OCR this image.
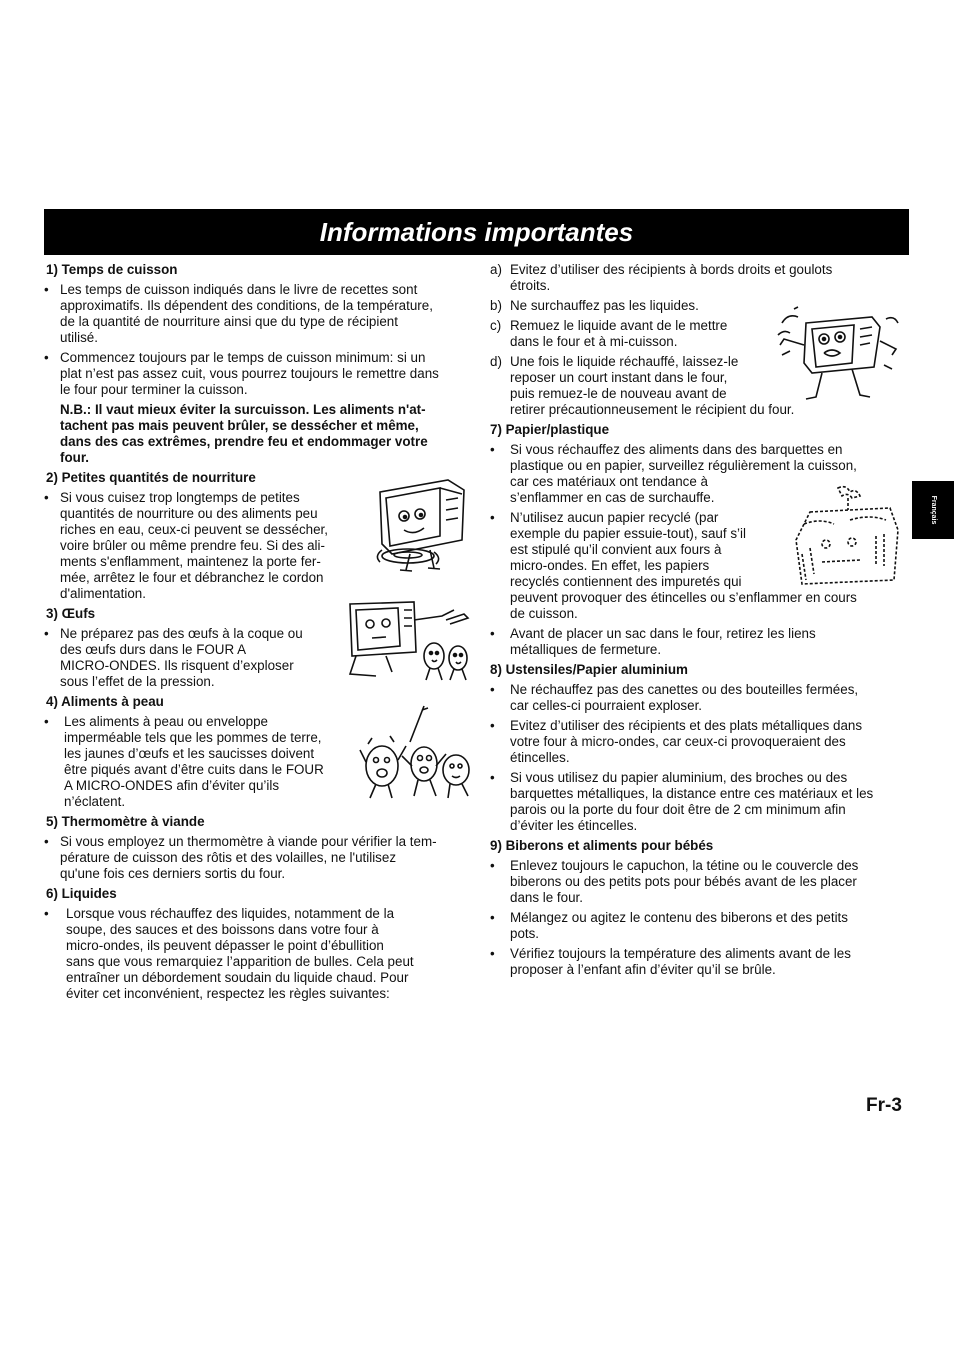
Informations importantes
Français
1) Temps de cuisson
• Les temps de cuisson indiqués dans le livre de recettes sont

approximatifs. Ils dépendent des conditions, de la température,

de la quantité de nourriture ainsi que du type de récipient

utilisé.

• Commencez toujours par le temps de cuisson minimum: si un

plat n’est pas assez cuit, vous pourrez toujours le remettre dans

le four pour terminer la cuisson.

N.B.: Il vaut mieux éviter la surcuisson. Les aliments n'at-

tachent pas mais peuvent brûler, se dessécher et même,

dans des cas extrêmes, prendre feu et endommager votre

four.

2) Petites quantités de nourriture
• Si vous cuisez trop longtemps de petites

quantités de nourriture ou des aliments peu

riches en eau, ceux-ci peuvent se dessécher,

voire brûler ou même prendre feu. Si des ali-

ments s'enflamment, maintenez la porte fer-

mée, arrêtez le four et débranchez le cordon

d'alimentation.

3) Œufs
• Ne préparez pas des œufs à la coque ou

des œufs durs dans le FOUR A

MICRO-ONDES. Ils risquent d’exploser

sous l’effet de la pression.

4) Aliments à peau
• Les aliments à peau ou enveloppe

imperméable tels que les pommes de terre,

les jaunes d’œufs et les saucisses doivent

être piqués avant d’être cuits dans le FOUR

A MICRO-ONDES afin d’éviter qu’ils

n’éclatent.

5) Thermomètre à viande
• Si vous employez un thermomètre à viande pour vérifier la tem-

pérature de cuisson des rôtis et des volailles, ne l'utilisez

qu'une fois ces derniers sortis du four.

6) Liquides
• Lorsque vous réchauffez des liquides, notamment de la

soupe, des sauces et des boissons dans votre four à

micro-ondes, ils peuvent dépasser le point d’ébullition

sans que vous remarquiez l’apparition de bulles. Cela peut

entraîner un débordement soudain du liquide chaud. Pour

éviter cet inconvénient, respectez les règles suivantes:

a) Evitez d’utiliser des récipients à bords droits et goulots

étroits.

b) Ne surchauffez pas les liquides.

c) Remuez le liquide avant de le mettre

dans le four et à mi-cuisson.

d) Une fois le liquide réchauffé, laissez-le

reposer un court instant dans le four,

puis remuez-le de nouveau avant de

retirer précautionneusement le récipient du four.

7) Papier/plastique
• Si vous réchauffez des aliments dans des barquettes en

plastique ou en papier, surveillez régulièrement la cuisson,

car ces matériaux ont tendance à

s’enflammer en cas de surchauffe.

• N’utilisez aucun papier recyclé (par

exemple du papier essuie-tout), sauf s’il

est stipulé qu’il convient aux fours à

micro-ondes. En effet, les papiers

recyclés contiennent des impuretés qui

peuvent provoquer des étincelles ou s’enflammer en cours

de cuisson.

• Avant de placer un sac dans le four, retirez les liens

métalliques de fermeture.

8) Ustensiles/Papier aluminium
• Ne réchauffez pas des canettes ou des bouteilles fermées,

car celles-ci pourraient exploser.

• Evitez d’utiliser des récipients et des plats métalliques dans

votre four à micro-ondes, car ceux-ci provoqueraient des

étincelles.

• Si vous utilisez du papier aluminium, des broches ou des

barquettes métalliques, la distance entre ces matériaux et les

parois ou la porte du four doit être de 2 cm minimum afin

d’éviter les étincelles.

9) Biberons et aliments pour bébés
• Enlevez toujours le capuchon, la tétine ou le couvercle des

biberons ou des petits pots pour bébés avant de les placer

dans le four.

• Mélangez ou agitez le contenu des biberons et des petits

pots.

• Vérifiez toujours la température des aliments avant de les

proposer à l’enfant afin d’éviter qu’il se brûle.

Fr-3
